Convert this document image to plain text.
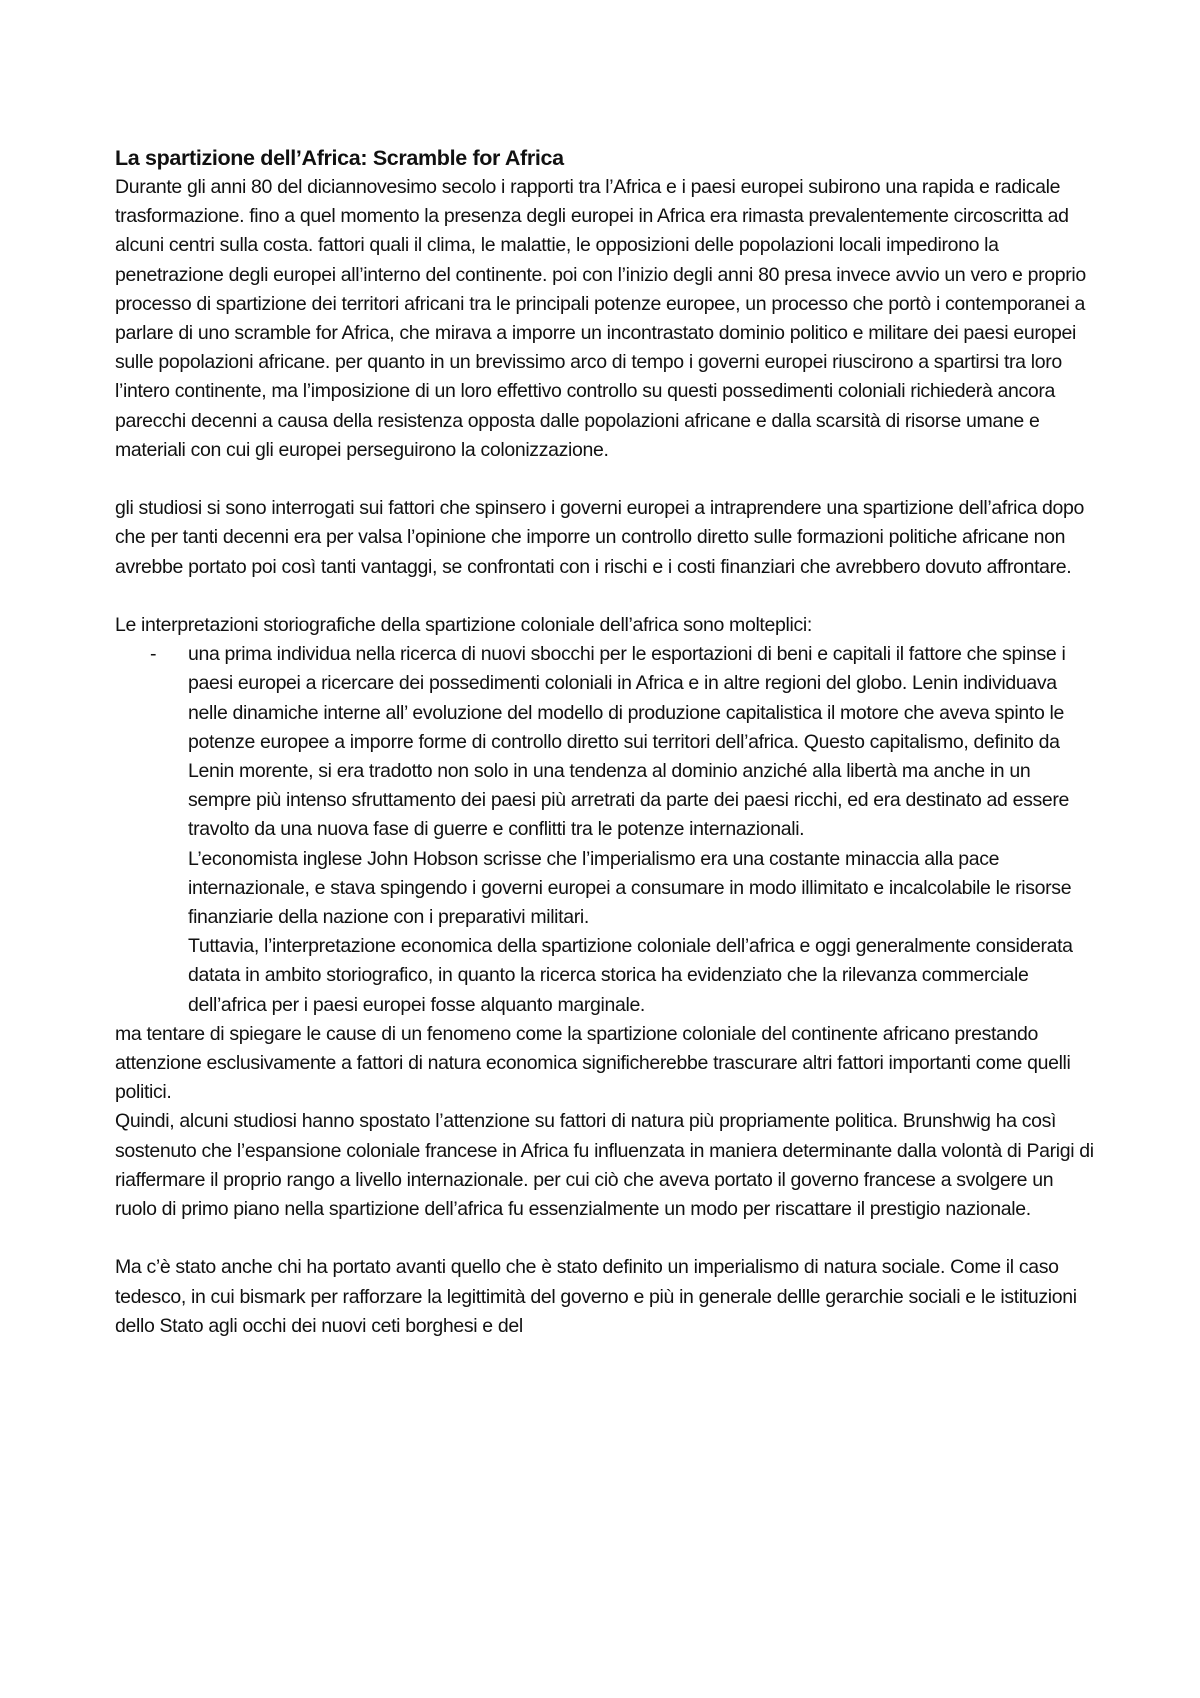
La spartizione dell’Africa: Scramble for Africa

Durante gli anni 80 del diciannovesimo secolo i rapporti tra l’Africa e i paesi europei subirono una rapida e radicale trasformazione. fino a quel momento la presenza degli europei in Africa era rimasta prevalentemente circoscritta ad alcuni centri sulla costa. fattori quali il clima, le malattie, le opposizioni delle popolazioni locali impedirono la penetrazione degli europei all’interno del continente. poi con l’inizio degli anni 80 presa invece avvio un vero e proprio processo di spartizione dei territori africani tra le principali potenze europee, un processo che portò i contemporanei a parlare di uno scramble for Africa, che mirava a imporre un incontrastato dominio politico e militare dei paesi europei sulle popolazioni africane. per quanto in un brevissimo arco di tempo i governi europei riuscirono a spartirsi tra loro l’intero continente, ma l’imposizione di un loro effettivo controllo su questi possedimenti coloniali richiederà ancora parecchi decenni a causa della resistenza opposta dalle popolazioni africane e dalla scarsità di risorse umane e materiali con cui gli europei perseguirono la colonizzazione.

gli studiosi si sono interrogati sui fattori che spinsero i governi europei a intraprendere una spartizione dell’africa dopo che per tanti decenni era per valsa l’opinione che imporre un controllo diretto sulle formazioni politiche africane non avrebbe portato poi così tanti vantaggi, se confrontati con i rischi e i costi finanziari che avrebbero dovuto affrontare.

Le interpretazioni storiografiche della spartizione coloniale dell’africa sono molteplici:

- una prima individua nella ricerca di nuovi sbocchi per le esportazioni di beni e capitali il fattore che spinse i paesi europei a ricercare dei possedimenti coloniali in Africa e in altre regioni del globo. Lenin individuava nelle dinamiche interne all’ evoluzione del modello di produzione capitalistica il motore che aveva spinto le potenze europee a imporre forme di controllo diretto sui territori dell’africa. Questo capitalismo, definito da Lenin morente, si era tradotto non solo in una tendenza al dominio anziché alla libertà ma anche in un sempre più intenso sfruttamento dei paesi più arretrati da parte dei paesi ricchi, ed era destinato ad essere travolto da una nuova fase di guerre e conflitti tra le potenze internazionali.
L’economista inglese John Hobson scrisse che l’imperialismo era una costante minaccia alla pace internazionale, e stava spingendo i governi europei a consumare in modo illimitato e incalcolabile le risorse finanziarie della nazione con i preparativi militari.
Tuttavia, l’interpretazione economica della spartizione coloniale dell’africa e oggi generalmente considerata datata in ambito storiografico, in quanto la ricerca storica ha evidenziato che la rilevanza commerciale dell’africa per i paesi europei fosse alquanto marginale.

ma tentare di spiegare le cause di un fenomeno come la spartizione coloniale del continente africano prestando attenzione esclusivamente a fattori di natura economica significherebbe trascurare altri fattori importanti come quelli politici.

Quindi, alcuni studiosi hanno spostato l’attenzione su fattori di natura più propriamente politica. Brunshwig ha così sostenuto che l’espansione coloniale francese in Africa fu influenzata in maniera determinante dalla volontà di Parigi di riaffermare il proprio rango a livello internazionale. per cui ciò che aveva portato il governo francese a svolgere un ruolo di primo piano nella spartizione dell’africa fu essenzialmente un modo per riscattare il prestigio nazionale.

Ma c’è stato anche chi ha portato avanti quello che è stato definito un imperialismo di natura sociale. Come il caso tedesco, in cui bismark per rafforzare la legittimità del governo e più in generale dellle gerarchie sociali e le istituzioni dello Stato agli occhi dei nuovi ceti borghesi e del
